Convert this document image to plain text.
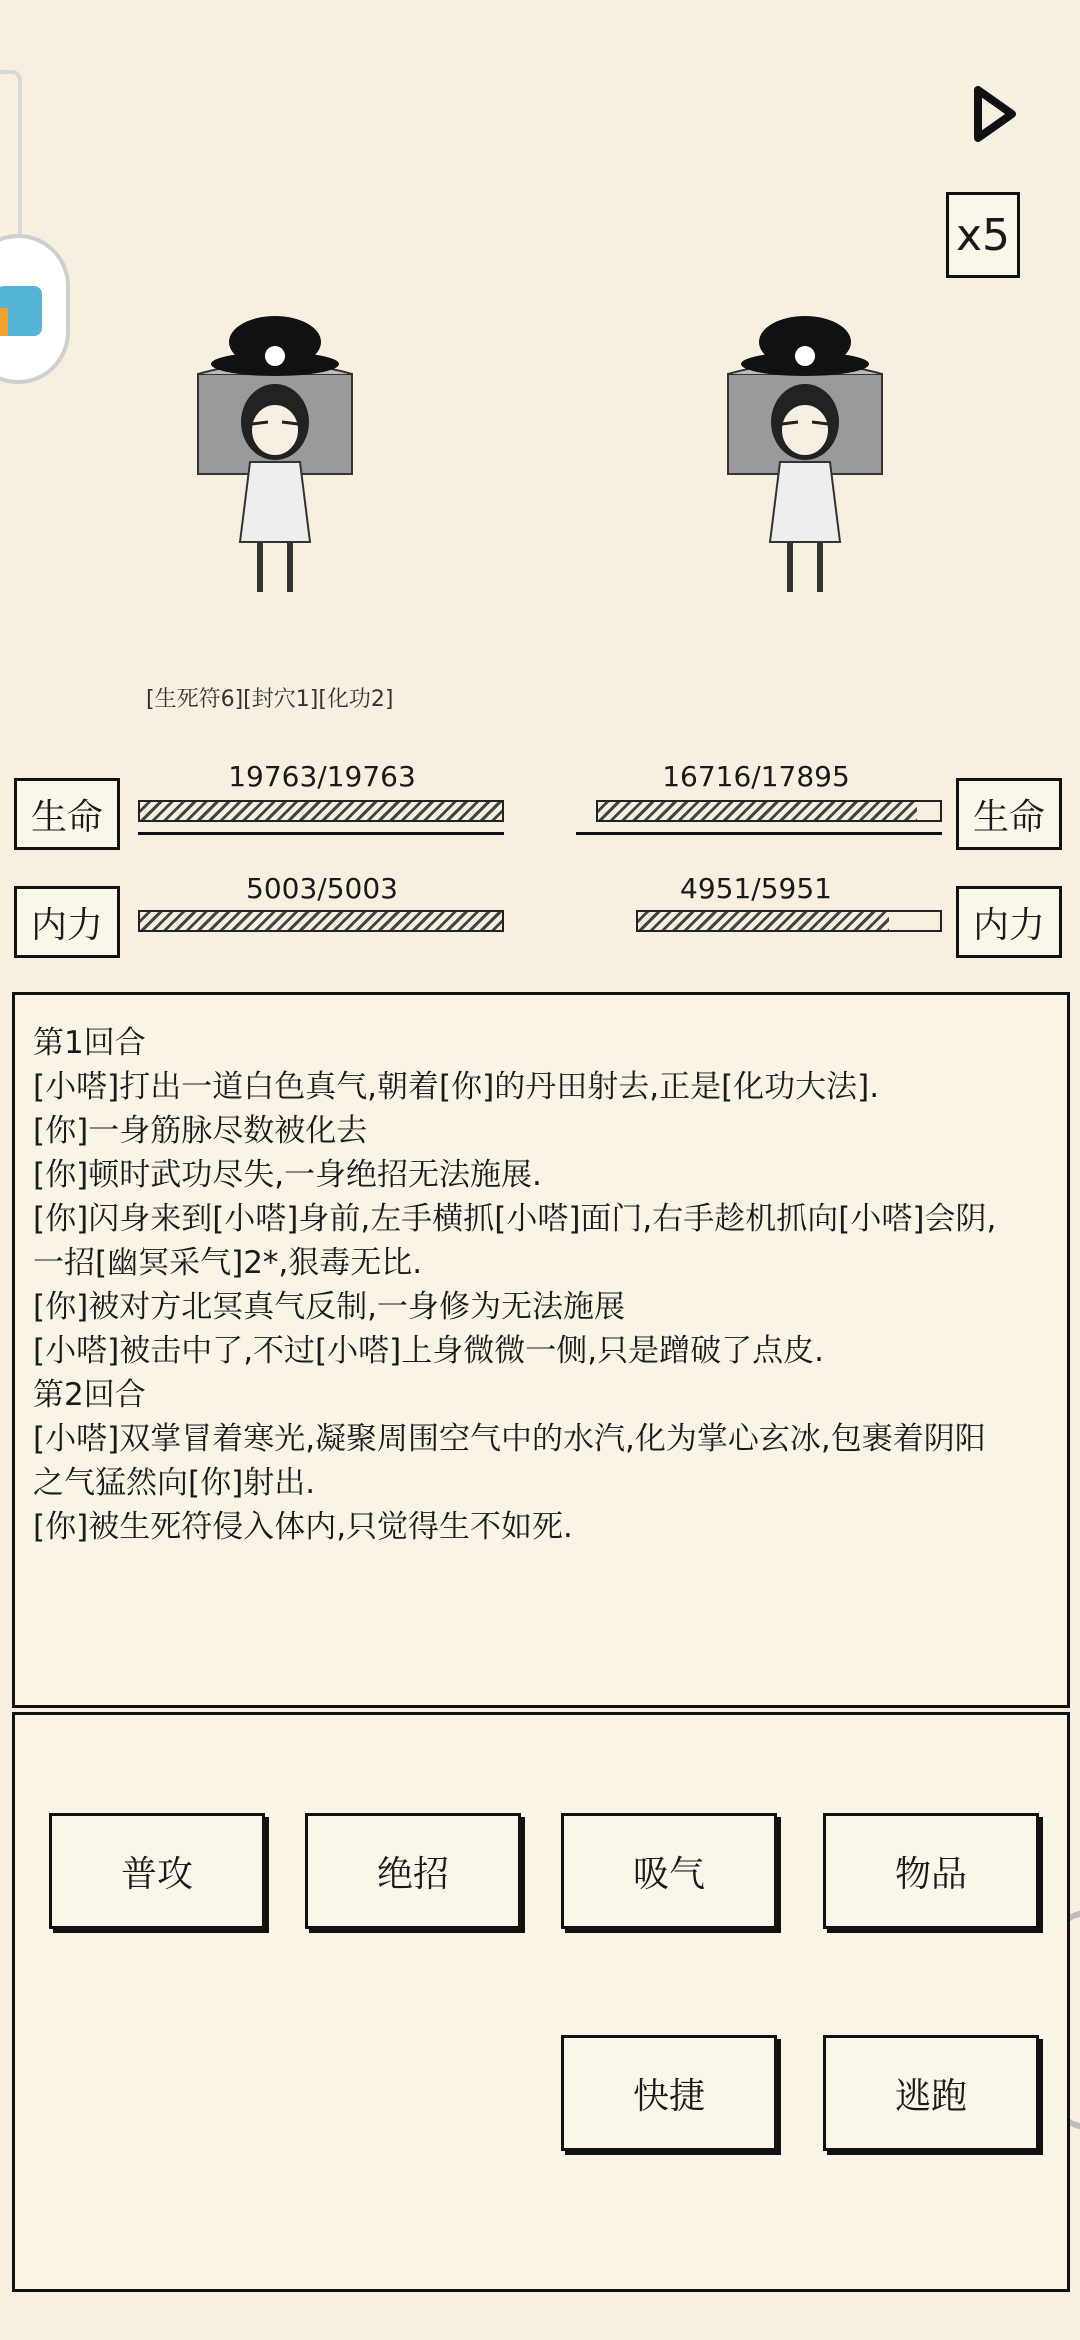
x5
[生死符6][封穴1][化功2]
生命
19763/19763
生命
16716/17895
内力
5003/5003
内力
4951/5951
第1回合
[小嗒]打出一道白色真气,朝着[你]的丹田射去,正是[化功大法].
[你]一身筋脉尽数被化去
[你]顿时武功尽失,一身绝招无法施展.
[你]闪身来到[小嗒]身前,左手横抓[小嗒]面门,右手趁机抓向[小嗒]会阴,
一招[幽冥采气]2*,狠毒无比.
[你]被对方北冥真气反制,一身修为无法施展
[小嗒]被击中了,不过[小嗒]上身微微一侧,只是蹭破了点皮.
第2回合
[小嗒]双掌冒着寒光,凝聚周围空气中的水汽,化为掌心玄冰,包裹着阴阳
之气猛然向[你]射出.
[你]被生死符侵入体内,只觉得生不如死.
普攻	绝招	吸气	物品
快捷	逃跑
